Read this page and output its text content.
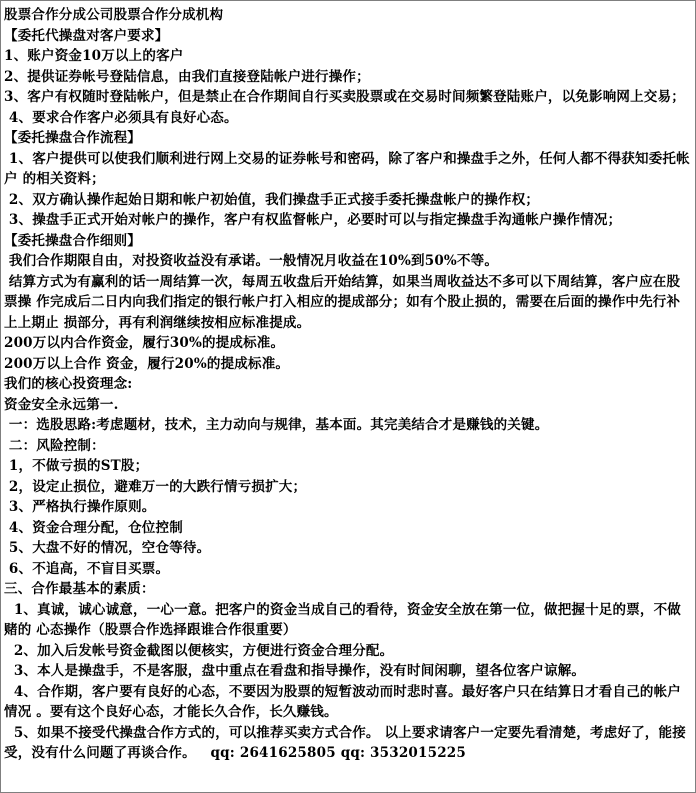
股票合作分成公司股票合作分成机构

【委托代操盘对客户要求】

1、账户资金10万以上的客户

2、提供证券帐号登陆信息，由我们直接登陆帐户进行操作；

3、客户有权随时登陆帐户，但是禁止在合作期间自行买卖股票或在交易时间频繁登陆账户，以免影响网上交易；

4、要求合作客户必须具有良好心态。

【委托操盘合作流程】

1、客户提供可以使我们顺利进行网上交易的证券帐号和密码，除了客户和操盘手之外，任何人都不得获知委托帐户 的相关资料；

2、双方确认操作起始日期和帐户初始值，我们操盘手正式接手委托操盘帐户的操作权；

3、操盘手正式开始对帐户的操作，客户有权监督帐户，必要时可以与指定操盘手沟通帐户操作情况；

【委托操盘合作细则】

我们合作期限自由，对投资收益没有承诺。一般情况月收益在10%到50%不等。

结算方式为有赢利的话一周结算一次，每周五收盘后开始结算，如果当周收益达不多可以下周结算，客户应在股票操 作完成后二日内向我们指定的银行帐户打入相应的提成部分；如有个股止损的，需要在后面的操作中先行补上上期止 损部分，再有利润继续按相应标准提成。

200万以内合作资金，履行30%的提成标准。

200万以上合作 资金，履行20%的提成标准。

我们的核心投资理念:

资金安全永远第一.

一：选股思路:考虑题材，技术，主力动向与规律，基本面。其完美结合才是赚钱的关键。

二：风险控制：

1，不做亏损的ST股；

2，设定止损位，避难万一的大跌行情亏损扩大；

3、严格执行操作原则。

4、资金合理分配，仓位控制

5、大盘不好的情况，空仓等待。

6、不追高，不盲目买票。

三、合作最基本的素质：

1、真诚，诚心诚意，一心一意。把客户的资金当成自己的看待，资金安全放在第一位，做把握十足的票，不做赌的 心态操作（股票合作选择跟谁合作很重要）

2、加入后发帐号资金截图以便核实，方便进行资金合理分配。

3、本人是操盘手，不是客服，盘中重点在看盘和指导操作，没有时间闲聊，望各位客户谅解。

4、合作期，客户要有良好的心态，不要因为股票的短暂波动而时悲时喜。最好客户只在结算日才看自己的帐户情况 。要有这个良好心态，才能长久合作，长久赚钱。

5、如果不接受代操盘合作方式的，可以推荐买卖方式合作。 以上要求请客户一定要先看清楚，考虑好了，能接受，没有什么问题了再谈合作。   qq: 2641625805 qq: 3532015225
